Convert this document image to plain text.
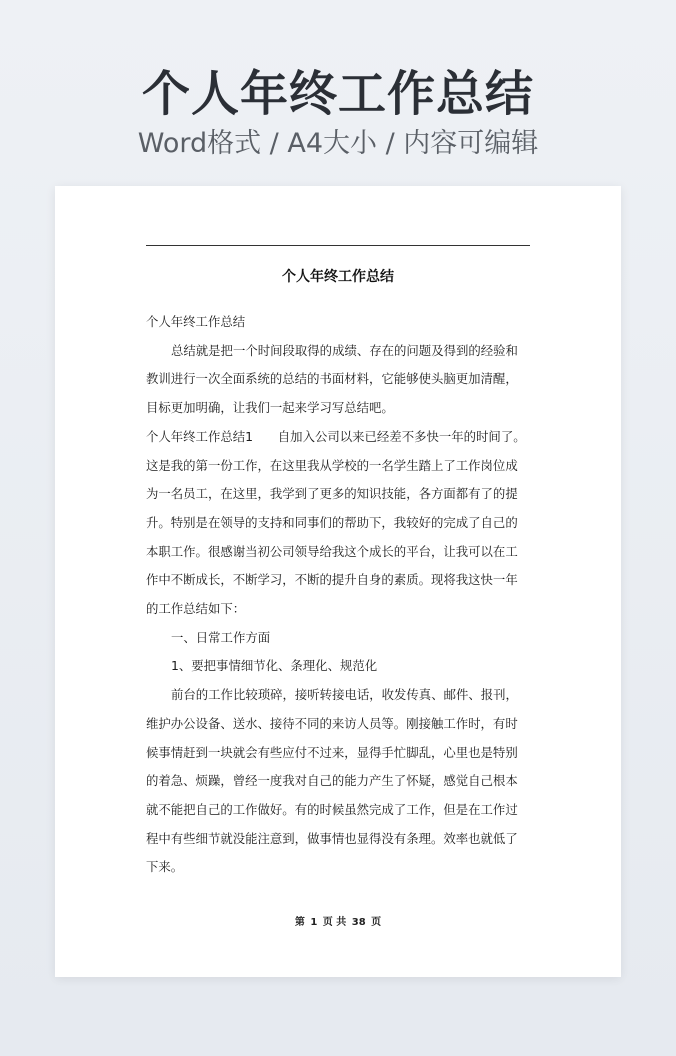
个人年终工作总结
Word格式 / A4大小 / 内容可编辑
个人年终工作总结

个人年终工作总结

总结就是把一个时间段取得的成绩、存在的问题及得到的经验和

教训进行一次全面系统的总结的书面材料，它能够使头脑更加清醒，

目标更加明确，让我们一起来学习写总结吧。

个人年终工作总结1　　自加入公司以来已经差不多快一年的时间了。

这是我的第一份工作，在这里我从学校的一名学生踏上了工作岗位成

为一名员工，在这里，我学到了更多的知识技能，各方面都有了的提

升。特别是在领导的支持和同事们的帮助下，我较好的完成了自己的

本职工作。很感谢当初公司领导给我这个成长的平台，让我可以在工

作中不断成长，不断学习，不断的提升自身的素质。现将我这快一年

的工作总结如下：

一、日常工作方面

1、要把事情细节化、条理化、规范化

前台的工作比较琐碎，接听转接电话，收发传真、邮件、报刊，

维护办公设备、送水、接待不同的来访人员等。刚接触工作时，有时

候事情赶到一块就会有些应付不过来，显得手忙脚乱，心里也是特别

的着急、烦躁，曾经一度我对自己的能力产生了怀疑，感觉自己根本

就不能把自己的工作做好。有的时候虽然完成了工作，但是在工作过

程中有些细节就没能注意到，做事情也显得没有条理。效率也就低了

下来。

第 1 页 共 38 页
